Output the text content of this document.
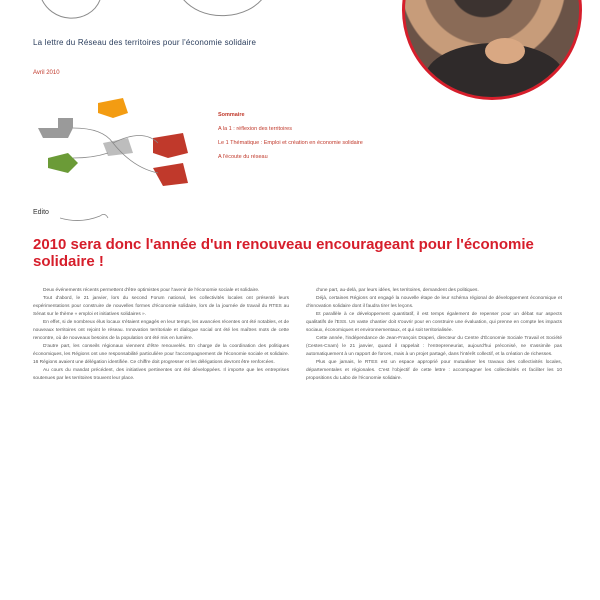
La lettre du Réseau des territoires pour l'économie solidaire
Avril 2010
Sommaire
A la 1 : réflexion des territoires
Le 1 Thématique : Emploi et création en économie solidaire
A l'écoute du réseau
Edito
2010 sera donc l'année d'un renouveau encourageant pour l'économie solidaire !

Deux événements récents permettent d'être optimistes pour l'avenir de l'économie sociale et solidaire.

Tout d'abord, le 21 janvier, lors du second Forum national, les collectivités locales ont présenté leurs expérimentations pour construire de nouvelles formes d'économie solidaire, lors de la journée de travail du RTES au Sénat sur le thème « emploi et initiatives solidaires ».

En effet, si de nombreux élus locaux s'étaient engagés en leur temps, les avancées récentes ont été notables, et de nouveaux territoires ont rejoint le réseau. Innovation territoriale et dialogue social ont été les maîtres mots de cette rencontre, où de nouveaux besoins de la population ont été mis en lumière.

D'autre part, les conseils régionaux viennent d'être renouvelés. En charge de la coordination des politiques économiques, les Régions ont une responsabilité particulière pour l'accompagnement de l'économie sociale et solidaire. 16 Régions avaient une délégation identifiée. Ce chiffre doit progresser et les délégations devront être renforcées.

Au cours du mandat précédent, des initiatives pertinentes ont été développées. Il importe que les entreprises soutenues par les territoires trouvent leur place.

d'une part, au-delà, par leurs idées, les territoires, demandent des politiques.

Déjà, certaines Régions ont engagé la nouvelle étape de leur schéma régional de développement économique et d'innovation solidaire dont il faudra tirer les leçons.

Et parallèle à ce développement quantitatif, il est temps également de repenser pour un débat sur aspects qualitatifs de l'ESS. Un vaste chantier doit s'ouvrir pour en construire une évaluation, qui prenne en compte les impacts sociaux, économiques et environnementaux, et qui soit territorialisée.

Cette année, l'indépendance de Jean-François Draperi, directeur du Centre d'Économie Sociale Travail et Société (Cestes-Cnam) le 21 janvier, quand il rappelait : l'entrepreneuriat, aujourd'hui préconisé, ne s'assimile pas automatiquement à un rapport de forces, mais à un projet partagé, dans l'intérêt collectif, et la création de richesses.

Plus que jamais, le RTES est un espace approprié pour mutualiser les travaux des collectivités locales, départementales et régionales. C'est l'objectif de cette lettre : accompagner les collectivités et faciliter les 10 propositions du Labo de l'économie solidaire.
